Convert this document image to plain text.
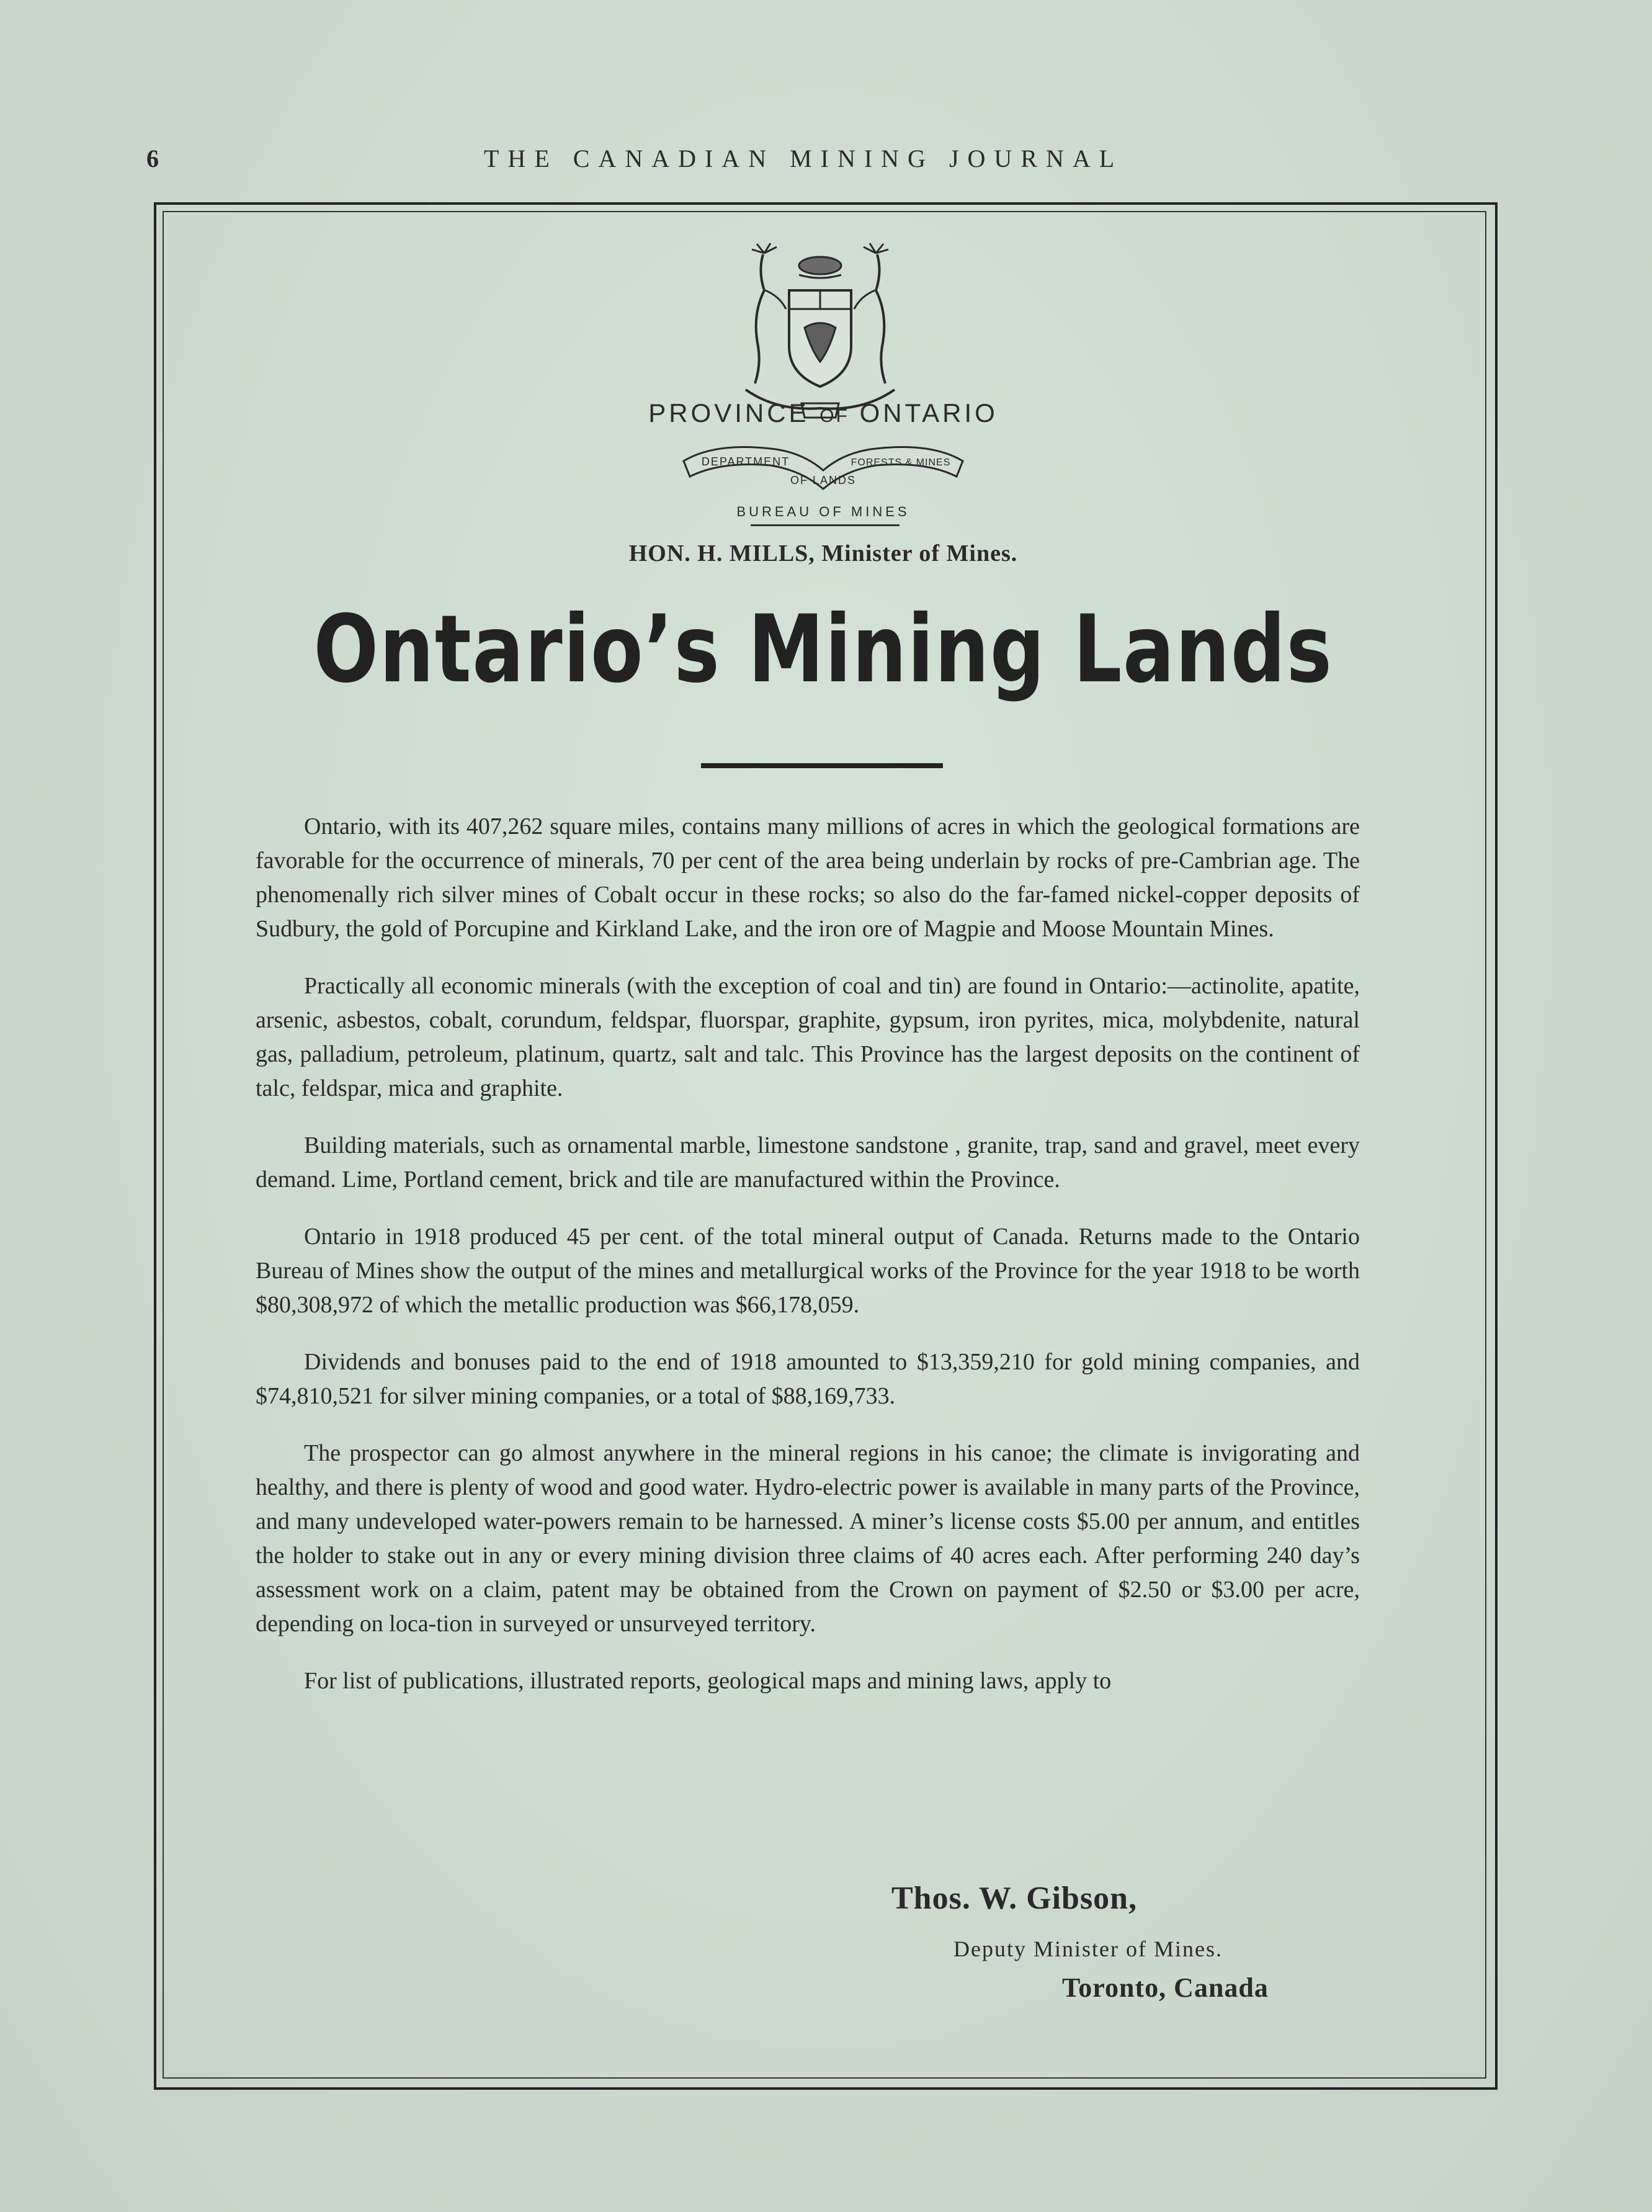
6	THE CANADIAN MINING JOURNAL
PROVINCE OF ONTARIO
DEPARTMENT
OF LANDS
FORESTS & MINES
BUREAU OF MINES
HON. H. MILLS, Minister of Mines.
Ontario’s Mining Lands

Ontario, with its 407,262 square miles, contains many millions of acres in which the geological formations are favorable for the occurrence of minerals, 70 per cent of the area being underlain by rocks of pre-Cambrian age. The phenomenally rich silver mines of Cobalt occur in these rocks; so also do the far-famed nickel-copper deposits of Sudbury, the gold of Porcupine and Kirkland Lake, and the iron ore of Magpie and Moose Mountain Mines.

Practically all economic minerals (with the exception of coal and tin) are found in Ontario:—actinolite, apatite, arsenic, asbestos, cobalt, corundum, feldspar, fluorspar, graphite, gypsum, iron pyrites, mica, molybdenite, natural gas, palladium, petroleum, platinum, quartz, salt and talc. This Province has the largest deposits on the continent of talc, feldspar, mica and graphite.

Building materials, such as ornamental marble, limestone sandstone , granite, trap, sand and gravel, meet every demand. Lime, Portland cement, brick and tile are manufactured within the Province.

Ontario in 1918 produced 45 per cent. of the total mineral output of Canada. Returns made to the Ontario Bureau of Mines show the output of the mines and metallurgical works of the Province for the year 1918 to be worth $80,308,972 of which the metallic production was $66,178,059.

Dividends and bonuses paid to the end of 1918 amounted to $13,359,210 for gold mining companies, and $74,810,521 for silver mining companies, or a total of $88,169,733.

The prospector can go almost anywhere in the mineral regions in his canoe; the climate is invigorating and healthy, and there is plenty of wood and good water. Hydro-electric power is available in many parts of the Province, and many undeveloped water-powers remain to be harnessed. A miner’s license costs $5.00 per annum, and entitles the holder to stake out in any or every mining division three claims of 40 acres each. After performing 240 day’s assessment work on a claim, patent may be obtained from the Crown on payment of $2.50 or $3.00 per acre, depending on loca-tion in surveyed or unsurveyed territory.

For list of publications, illustrated reports, geological maps and mining laws, apply to

Thos. W. Gibson,
Deputy Minister of Mines.
Toronto, Canada
